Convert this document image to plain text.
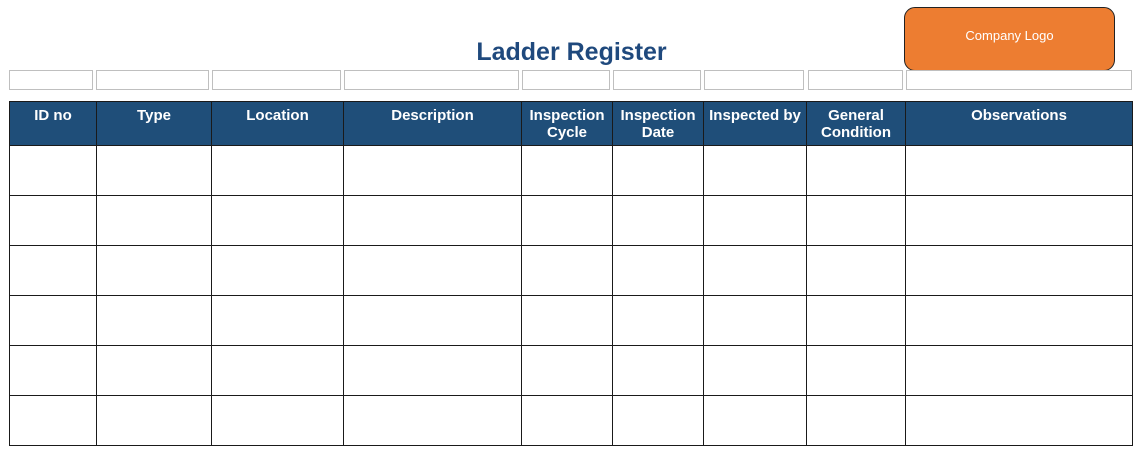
Ladder Register
Company Logo
ID no	Type	Location	Description	Inspection Cycle	Inspection Date	Inspected by	General Condition	Observations
